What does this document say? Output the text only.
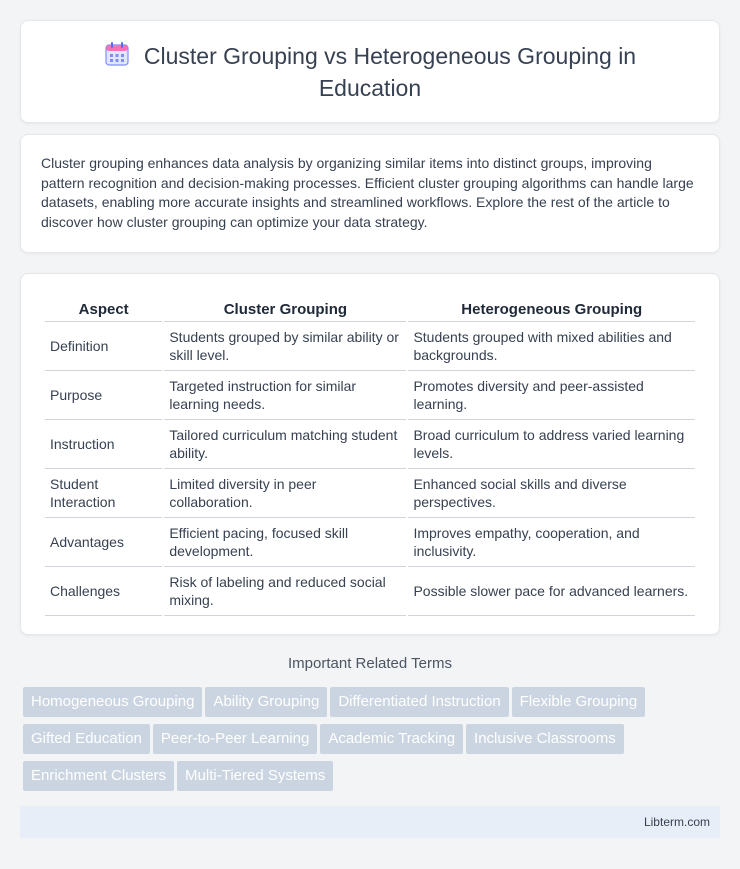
Cluster Grouping vs Heterogeneous Grouping in Education

Cluster grouping enhances data analysis by organizing similar items into distinct groups, improving pattern recognition and decision-making processes. Efficient cluster grouping algorithms can handle large datasets, enabling more accurate insights and streamlined workflows. Explore the rest of the article to discover how cluster grouping can optimize your data strategy.

Aspect	Cluster Grouping	Heterogeneous Grouping
Definition	Students grouped by similar ability or skill level.	Students grouped with mixed abilities and backgrounds.
Purpose	Targeted instruction for similar learning needs.	Promotes diversity and peer-assisted learning.
Instruction	Tailored curriculum matching student ability.	Broad curriculum to address varied learning levels.
Student Interaction	Limited diversity in peer collaboration.	Enhanced social skills and diverse perspectives.
Advantages	Efficient pacing, focused skill development.	Improves empathy, cooperation, and inclusivity.
Challenges	Risk of labeling and reduced social mixing.	Possible slower pace for advanced learners.
Important Related Terms
Homogeneous Grouping	Ability Grouping	Differentiated Instruction	Flexible Grouping
Gifted Education	Peer-to-Peer Learning	Academic Tracking	Inclusive Classrooms
Enrichment Clusters	Multi-Tiered Systems
Libterm.com
